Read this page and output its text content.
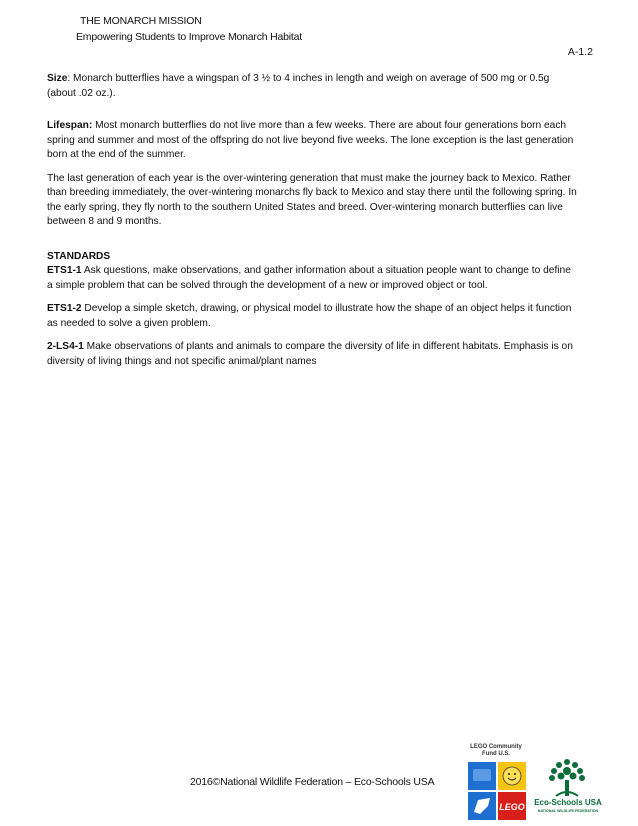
THE MONARCH MISSION
Empowering Students to Improve Monarch Habitat
A-1.2

Size: Monarch butterflies have a wingspan of 3 ½ to 4 inches in length and weigh on average of 500 mg or 0.5g (about .02 oz.).

Lifespan: Most monarch butterflies do not live more than a few weeks. There are about four generations born each spring and summer and most of the offspring do not live beyond five weeks. The lone exception is the last generation born at the end of the summer.

The last generation of each year is the over-wintering generation that must make the journey back to Mexico. Rather than breeding immediately, the over-wintering monarchs fly back to Mexico and stay there until the following spring. In the early spring, they fly north to the southern United States and breed. Over-wintering monarch butterflies can live between 8 and 9 months.

STANDARDS

ETS1-1 Ask questions, make observations, and gather information about a situation people want to change to define a simple problem that can be solved through the development of a new or improved object or tool.

ETS1-2 Develop a simple sketch, drawing, or physical model to illustrate how the shape of an object helps it function as needed to solve a given problem.

2-LS4-1 Make observations of plants and animals to compare the diversity of life in different habitats. Emphasis is on diversity of living things and not specific animal/plant names

2016©National Wildlife Federation – Eco-Schools USA
LEGO Community Fund U.S.
LEGO Eco-Schools USA
NATIONAL WILDLIFE FEDERATION
